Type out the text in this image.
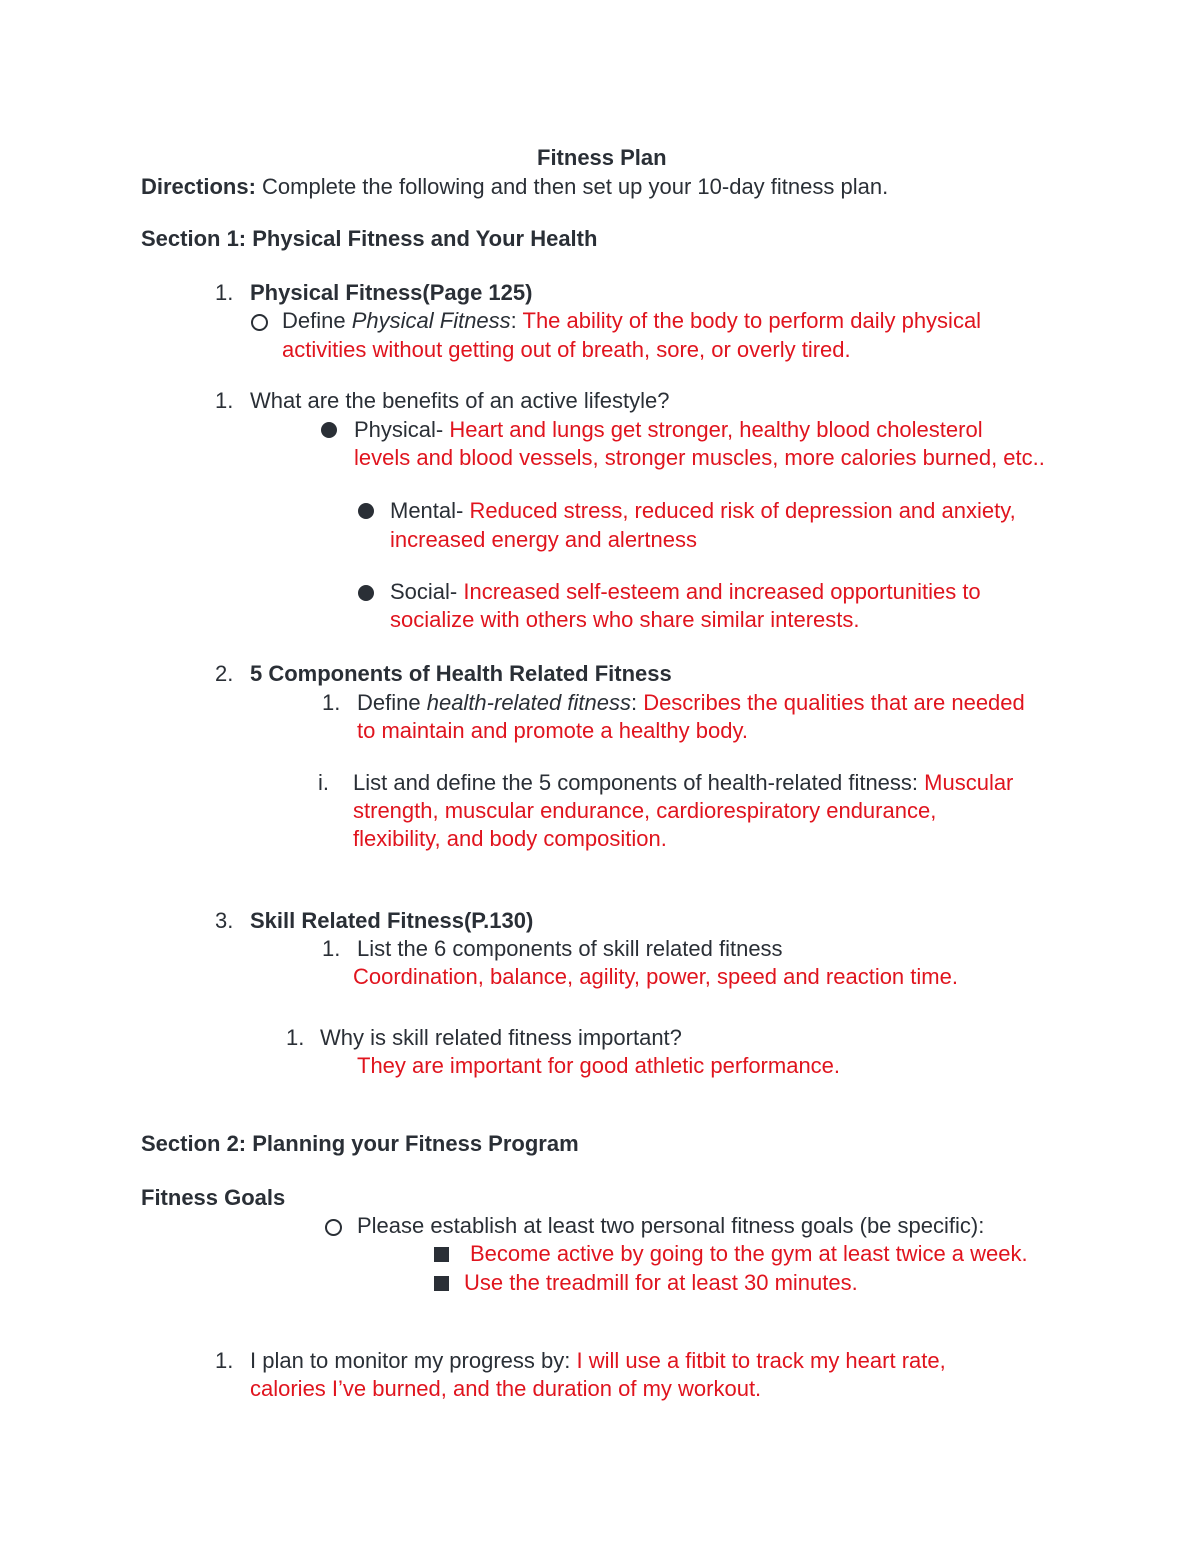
Fitness Plan
Directions: Complete the following and then set up your 10-day fitness plan.
Section 1: Physical Fitness and Your Health
1. Physical Fitness(Page 125)
Define Physical Fitness: The ability of the body to perform daily physical
activities without getting out of breath, sore, or overly tired.
1. What are the benefits of an active lifestyle?
Physical- Heart and lungs get stronger, healthy blood cholesterol
levels and blood vessels, stronger muscles, more calories burned, etc..
Mental- Reduced stress, reduced risk of depression and anxiety,
increased energy and alertness
Social- Increased self-esteem and increased opportunities to
socialize with others who share similar interests.
2. 5 Components of Health Related Fitness
1. Define health-related fitness: Describes the qualities that are needed
to maintain and promote a healthy body.
i. List and define the 5 components of health-related fitness: Muscular
strength, muscular endurance, cardiorespiratory endurance,
flexibility, and body composition.
3. Skill Related Fitness(P.130)
1. List the 6 components of skill related fitness
Coordination, balance, agility, power, speed and reaction time.
1. Why is skill related fitness important?
They are important for good athletic performance.
Section 2: Planning your Fitness Program
Fitness Goals
Please establish at least two personal fitness goals (be specific):
Become active by going to the gym at least twice a week.
Use the treadmill for at least 30 minutes.
1. I plan to monitor my progress by: I will use a fitbit to track my heart rate,
calories I’ve burned, and the duration of my workout.
